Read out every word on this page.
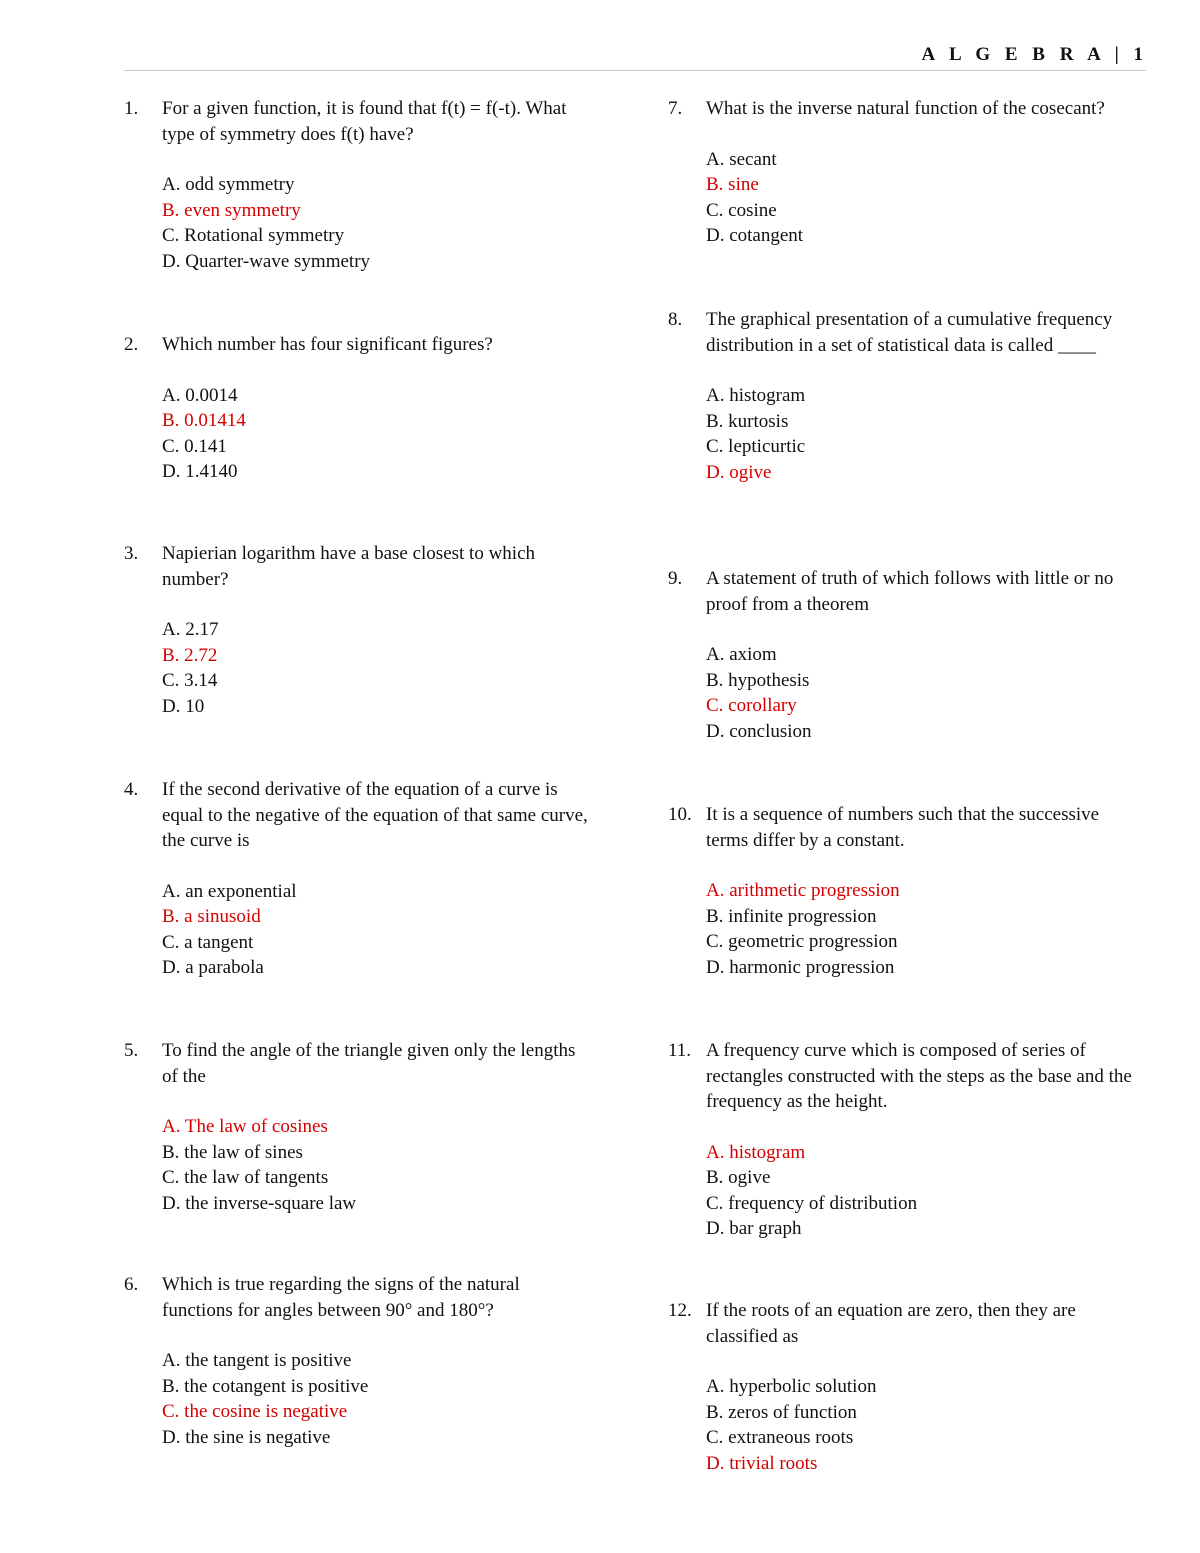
A L G E B R A | 1
1.	For a given function, it is found that f(t) = f(-t). What type of symmetry does f(t) have?
A. odd symmetry
B. even symmetry
C. Rotational symmetry
D. Quarter-wave symmetry
2.	Which number has four significant figures?
A. 0.0014
B. 0.01414
C. 0.141
D. 1.4140
3.	Napierian logarithm have a base closest to which number?
A. 2.17
B. 2.72
C. 3.14
D. 10
4.	If the second derivative of the equation of a curve is equal to the negative of the equation of that same curve, the curve is
A. an exponential
B. a sinusoid
C. a tangent
D. a parabola
5.	To find the angle of the triangle given only the lengths of the
A. The law of cosines
B. the law of sines
C. the law of tangents
D. the inverse-square law
6.	Which is true regarding the signs of the natural functions for angles between 90° and 180°?
A. the tangent is positive
B. the cotangent is positive
C. the cosine is negative
D. the sine is negative
7.	What is the inverse natural function of the cosecant?
A. secant
B. sine
C. cosine
D. cotangent
8.	The graphical presentation of a cumulative frequency distribution in a set of statistical data is called ____
A. histogram
B. kurtosis
C. lepticurtic
D. ogive
9.	A statement of truth of which follows with little or no proof from a theorem
A. axiom
B. hypothesis
C. corollary
D. conclusion
10. It is a sequence of numbers such that the successive terms differ by a constant.
A. arithmetic progression
B. infinite progression
C. geometric progression
D. harmonic progression
11. A frequency curve which is composed of series of rectangles constructed with the steps as the base and the frequency as the height.
A. histogram
B. ogive
C. frequency of distribution
D. bar graph
12. If the roots of an equation are zero, then they are classified as
A. hyperbolic solution
B. zeros of function
C. extraneous roots
D. trivial roots
